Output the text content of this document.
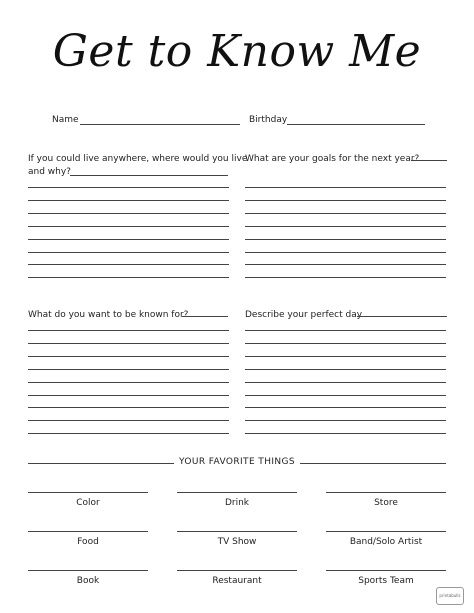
Get to Know Me
Name	Birthday
If you could live anywhere, where would you live
and why?
What are your goals for the next year?
What do you want to be known for?	Describe your perfect day
YOUR FAVORITE THINGS
Color	Drink	Store
Food	TV Show	Band/Solo Artist
Book	Restaurant	Sports Team
printabulls
